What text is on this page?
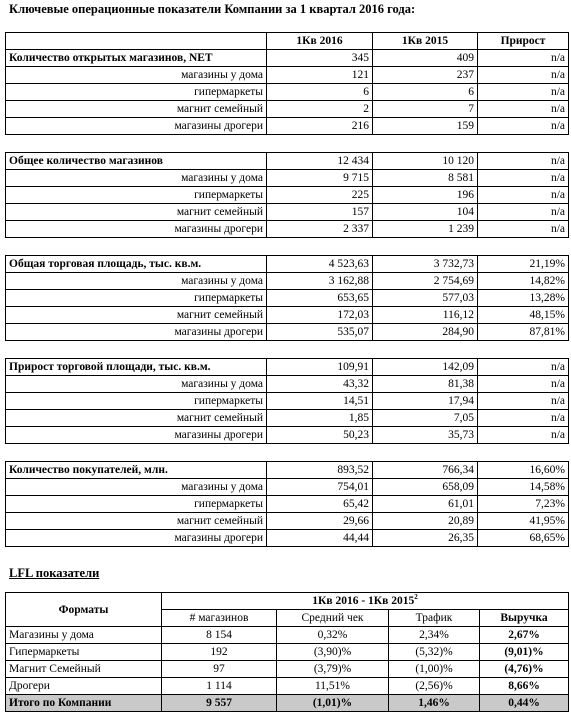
Ключевые операционные показатели Компании за 1 квартал 2016 года:
	1Кв 2016	1Кв 2015	Прирост
Количество открытых магазинов, NET	345	409	n/a
магазины у дома	121	237	n/a
гипермаркеты	6	6	n/a
магнит семейный	2	7	n/a
магазины дрогери	216	159	n/a

Общее количество магазинов	12 434	10 120	n/a
магазины у дома	9 715	8 581	n/a
гипермаркеты	225	196	n/a
магнит семейный	157	104	n/a
магазины дрогери	2 337	1 239	n/a

Общая торговая площадь, тыс. кв.м.	4 523,63	3 732,73	21,19%
магазины у дома	3 162,88	2 754,69	14,82%
гипермаркеты	653,65	577,03	13,28%
магнит семейный	172,03	116,12	48,15%
магазины дрогери	535,07	284,90	87,81%

Прирост торговой площади, тыс. кв.м.	109,91	142,09	n/a
магазины у дома	43,32	81,38	n/a
гипермаркеты	14,51	17,94	n/a
магнит семейный	1,85	7,05	n/a
магазины дрогери	50,23	35,73	n/a

Количество покупателей, млн.	893,52	766,34	16,60%
магазины у дома	754,01	658,09	14,58%
гипермаркеты	65,42	61,01	7,23%
магнит семейный	29,66	20,89	41,95%
магазины дрогери	44,44	26,35	68,65%
LFL показатели
Форматы	1Кв 2016 - 1Кв 2015$^2$
	# магазинов	Средний чек	Трафик	Выручка
Магазины у дома	8 154	0,32%	2,34%	2,67%
Гипермаркеты	192	(3,90)%	(5,32)%	(9,01)%
Магнит Семейный	97	(3,79)%	(1,00)%	(4,76)%
Дрогери	1 114	11,51%	(2,56)%	8,66%
Итого по Компании	9 557	(1,01)%	1,46%	0,44%
